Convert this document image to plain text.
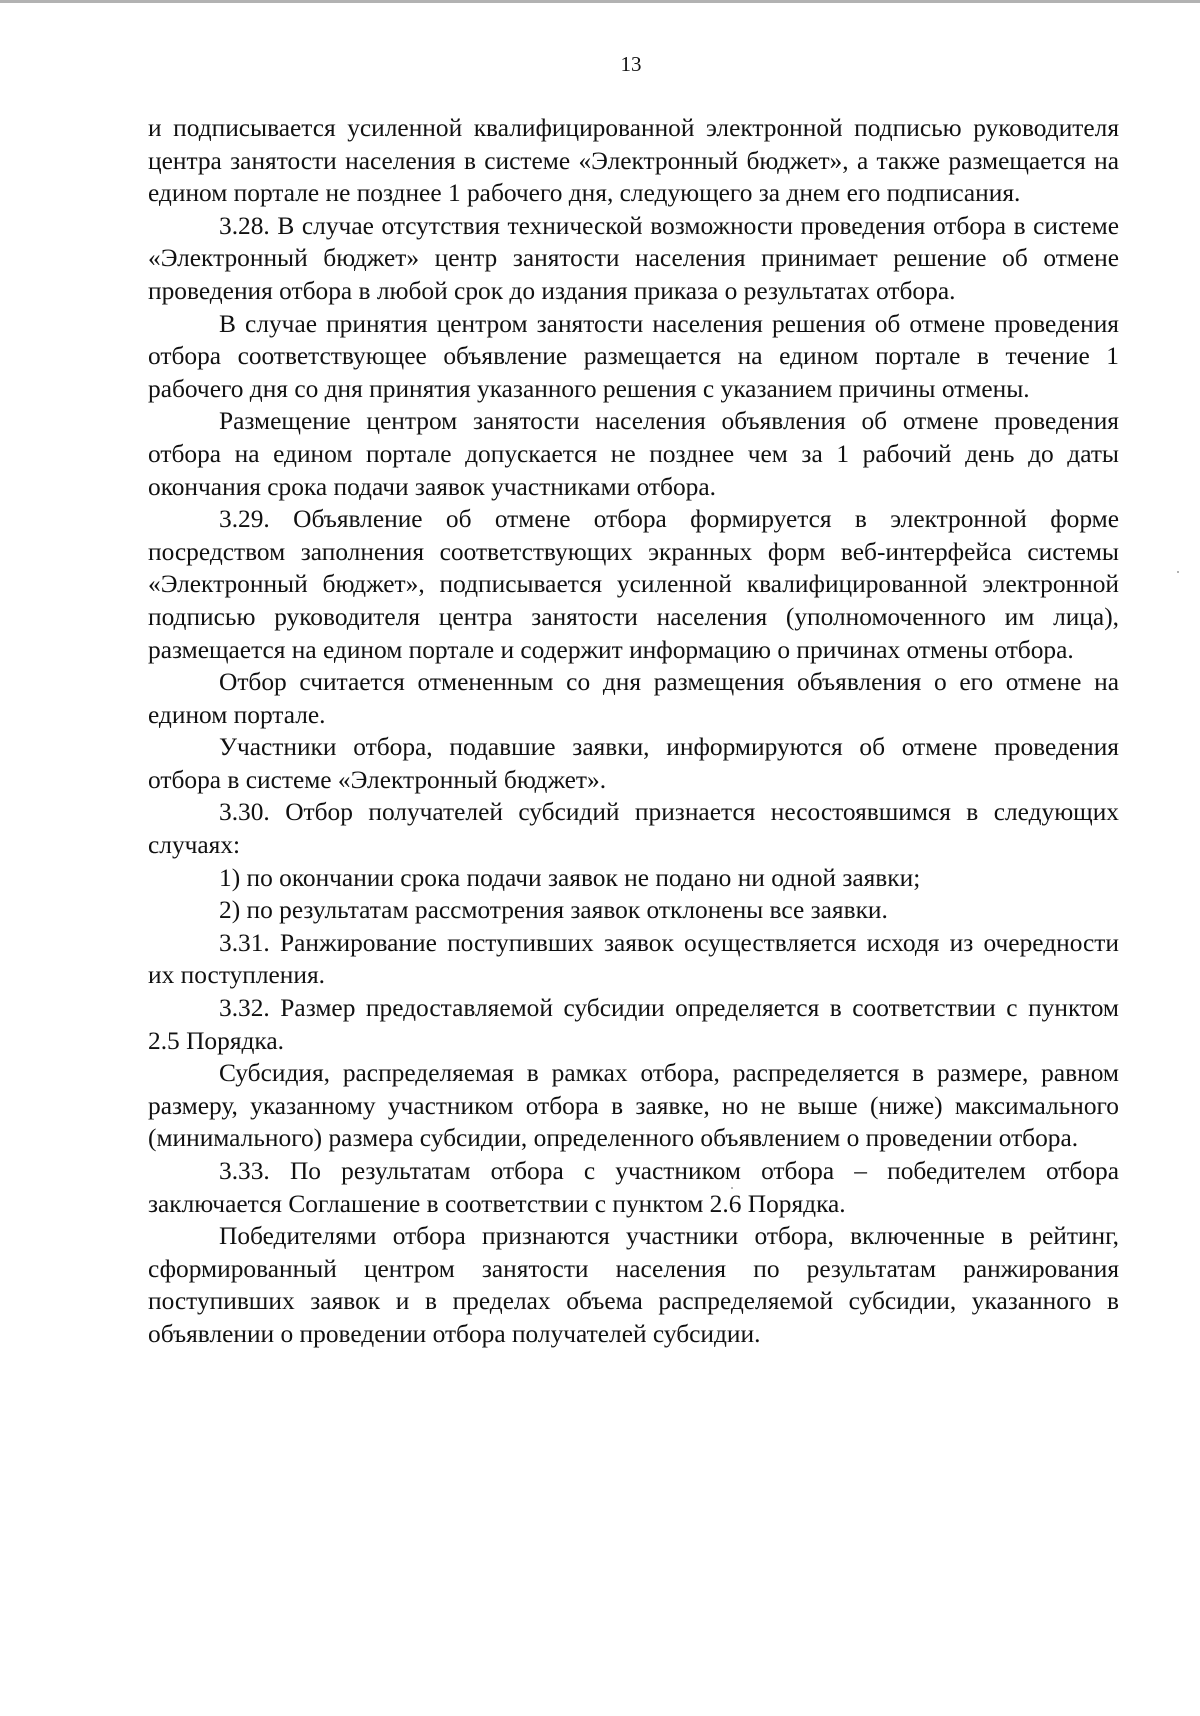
13

и подписывается усиленной квалифицированной электронной подписью руководителя центра занятости населения в системе «Электронный бюджет», а также размещается на едином портале не позднее 1 рабочего дня, следующего за днем его подписания.

3.28. В случае отсутствия технической возможности проведения отбора в системе «Электронный бюджет» центр занятости населения принимает решение об отмене проведения отбора в любой срок до издания приказа о результатах отбора.

В случае принятия центром занятости населения решения об отмене проведения отбора соответствующее объявление размещается на едином портале в течение 1 рабочего дня со дня принятия указанного решения с указанием причины отмены.

Размещение центром занятости населения объявления об отмене проведения отбора на едином портале допускается не позднее чем за 1 рабочий день до даты окончания срока подачи заявок участниками отбора.

3.29. Объявление об отмене отбора формируется в электронной форме посредством заполнения соответствующих экранных форм веб-интерфейса системы «Электронный бюджет», подписывается усиленной квалифицированной электронной подписью руководителя центра занятости населения (уполномоченного им лица), размещается на едином портале и содержит информацию о причинах отмены отбора.

Отбор считается отмененным со дня размещения объявления о его отмене на едином портале.

Участники отбора, подавшие заявки, информируются об отмене проведения отбора в системе «Электронный бюджет».

3.30. Отбор получателей субсидий признается несостоявшимся в следующих случаях:

1) по окончании срока подачи заявок не подано ни одной заявки;

2) по результатам рассмотрения заявок отклонены все заявки.

3.31. Ранжирование поступивших заявок осуществляется исходя из очередности их поступления.

3.32. Размер предоставляемой субсидии определяется в соответствии с пунктом 2.5 Порядка.

Субсидия, распределяемая в рамках отбора, распределяется в размере, равном размеру, указанному участником отбора в заявке, но не выше (ниже) максимального (минимального) размера субсидии, определенного объявлением о проведении отбора.

3.33. По результатам отбора с участником отбора – победителем отбора заключается Соглашение в соответствии с пунктом 2.6 Порядка.

Победителями отбора признаются участники отбора, включенные в рейтинг, сформированный центром занятости населения по результатам ранжирования поступивших заявок и в пределах объема распределяемой субсидии, указанного в объявлении о проведении отбора получателей субсидии.
